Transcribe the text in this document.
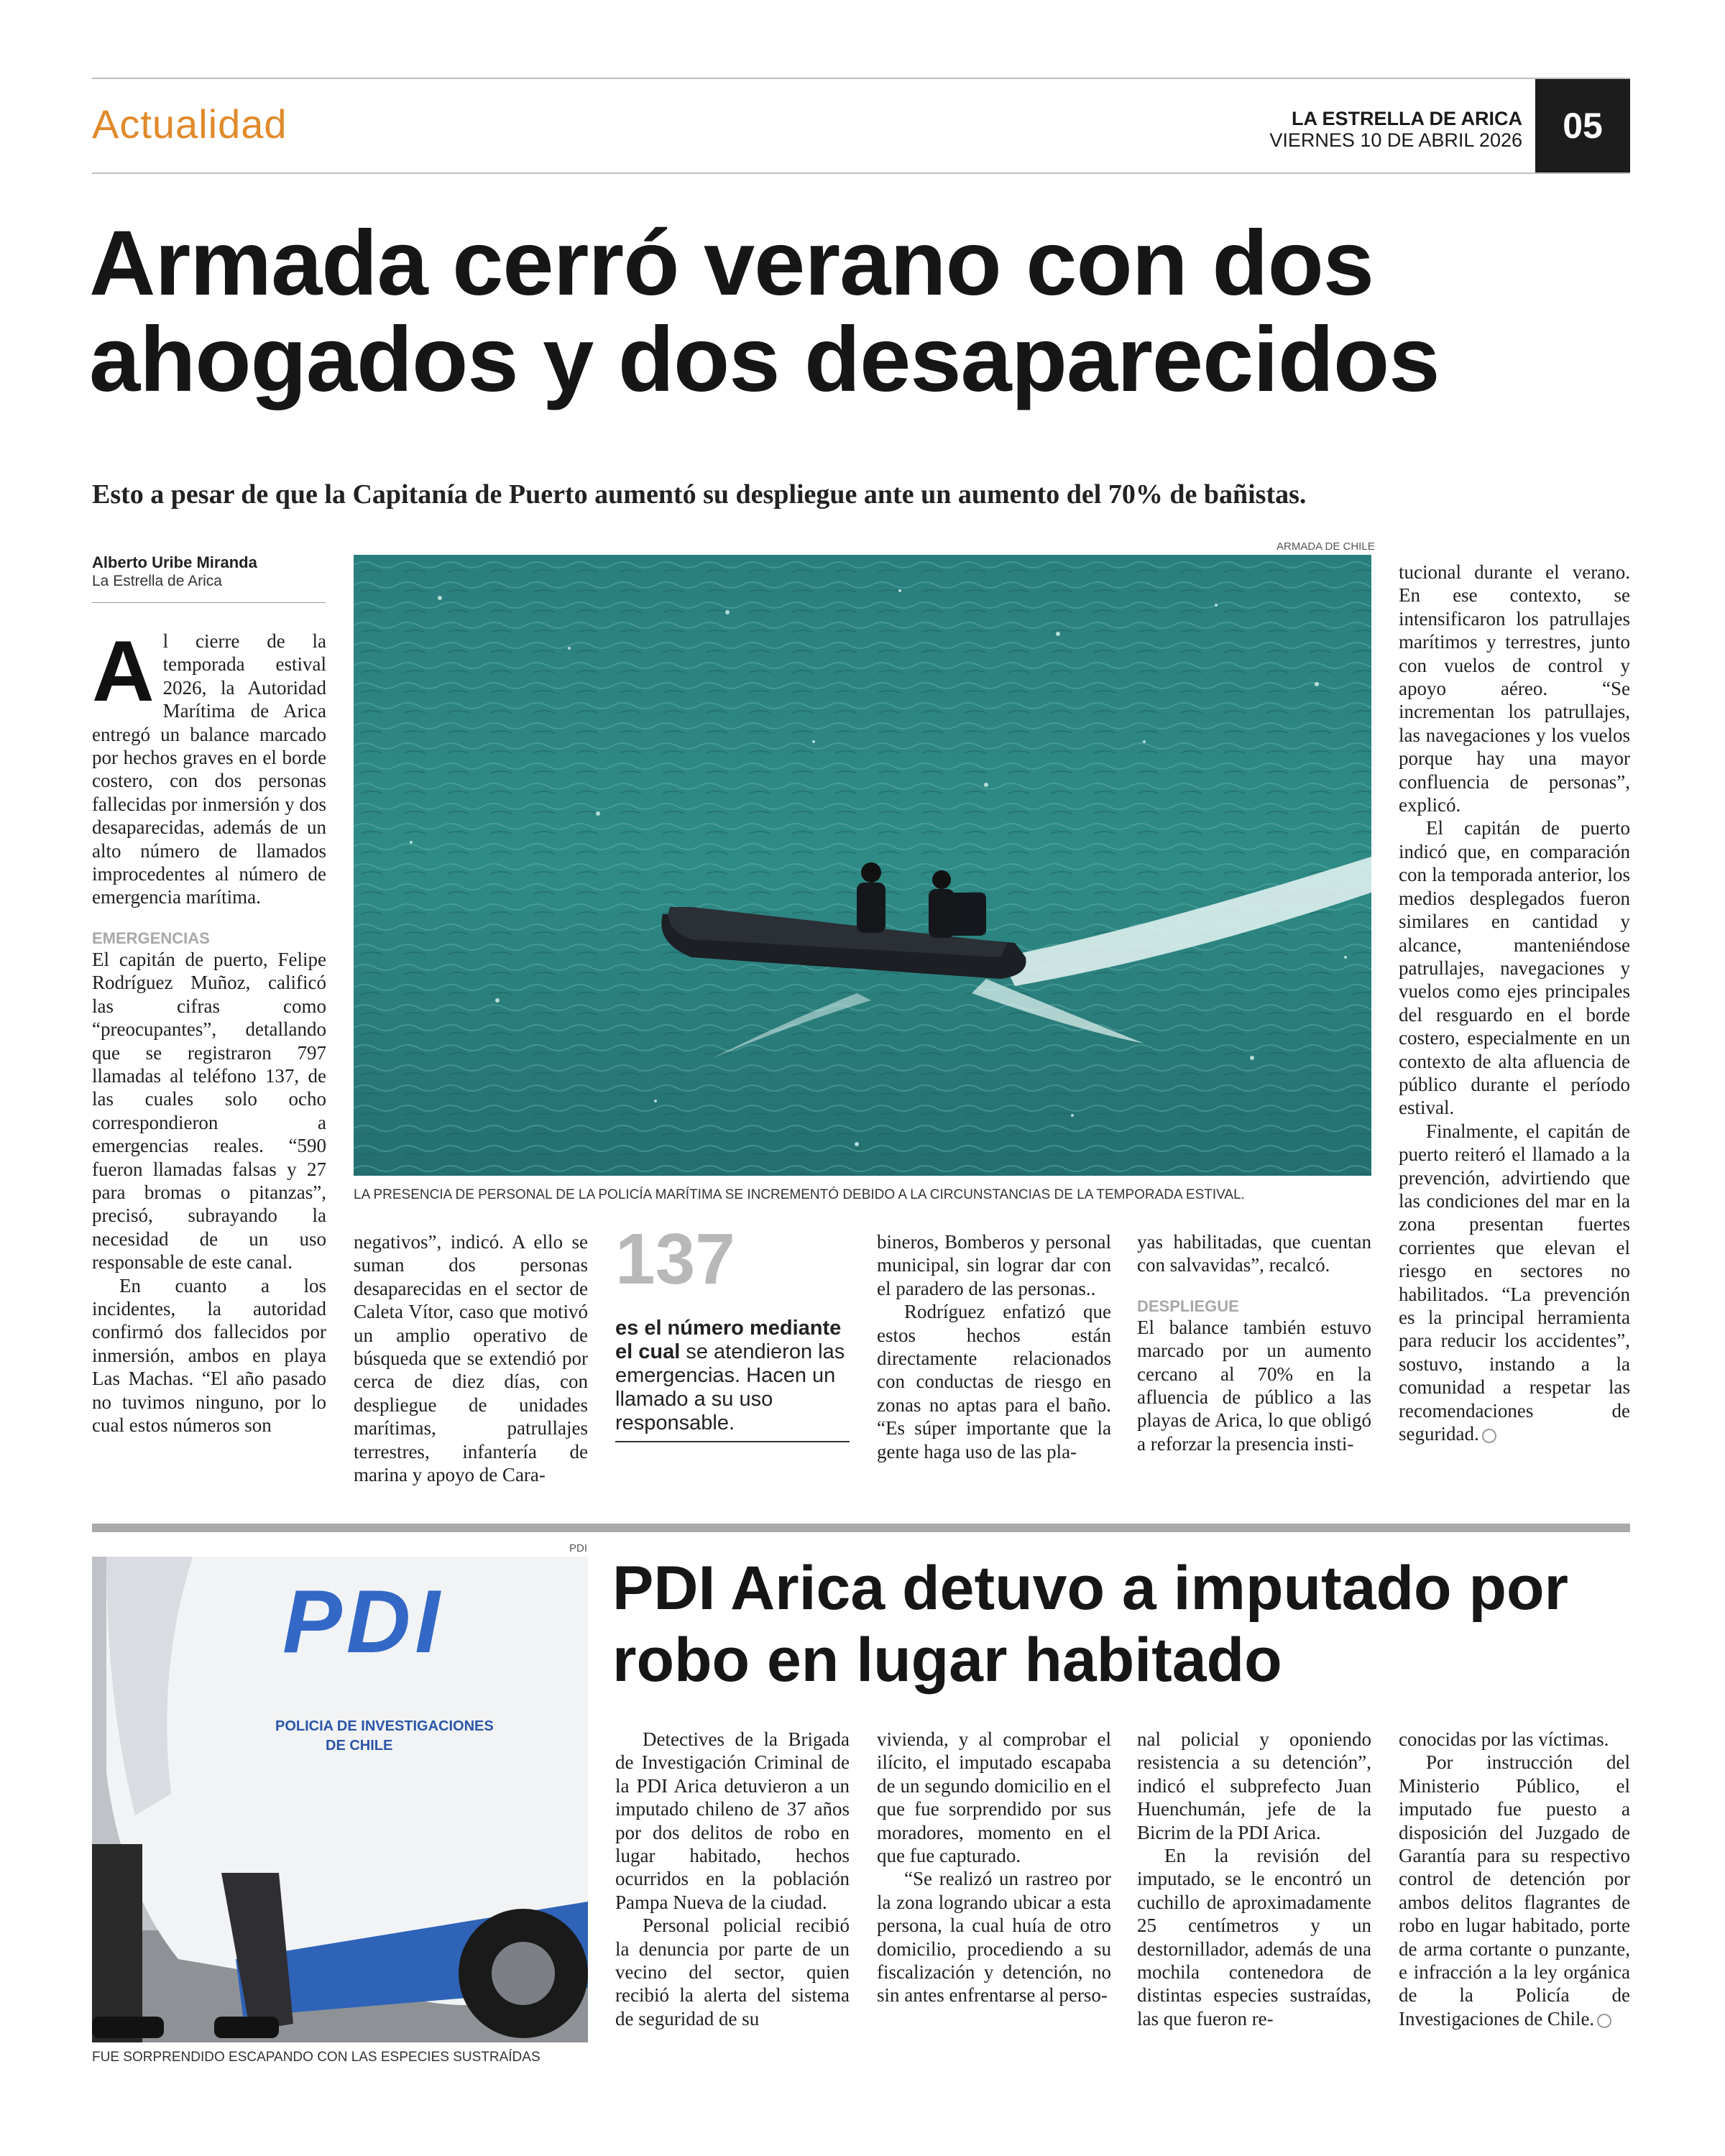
Actualidad	LA ESTRELLA DE ARICA
VIERNES 10 DE ABRIL 2026	05
Armada cerró verano con dos
ahogados y dos desaparecidos
Esto a pesar de que la Capitanía de Puerto aumentó su despliegue ante un aumento del 70% de bañistas.
Alberto Uribe Miranda
La Estrella de Arica
ARMADA DE CHILE
LA PRESENCIA DE PERSONAL DE LA POLICÍA MARÍTIMA SE INCREMENTÓ DEBIDO A LA CIRCUNSTANCIAS DE LA TEMPORADA ESTIVAL.
A l cierre de la temporada estival 2026, la Autoridad Marítima de Arica entregó un balance marcado por hechos graves en el borde costero, con dos personas fallecidas por inmersión y dos desaparecidas, además de un alto número de llamados improcedentes al número de emergencia marítima.

EMERGENCIAS

El capitán de puerto, Felipe Rodríguez Muñoz, calificó las cifras como “preocupantes”, detallando que se registraron 797 llamadas al teléfono 137, de las cuales solo ocho correspondieron a emergencias reales. “590 fueron llamadas falsas y 27 para bromas o pitanzas”, precisó, subrayando la necesidad de un uso responsable de este canal.

En cuanto a los incidentes, la autoridad confirmó dos fallecidos por inmersión, ambos en playa Las Machas. “El año pasado no tuvimos ninguno, por lo cual estos números son

negativos”, indicó. A ello se suman dos personas desaparecidas en el sector de Caleta Vítor, caso que motivó un amplio operativo de búsqueda que se extendió por cerca de diez días, con despliegue de unidades marítimas, patrullajes terrestres, infantería de marina y apoyo de Cara-

137
es el número mediante el cual se atendieron las emergencias. Hacen un llamado a su uso responsable.

bineros, Bomberos y personal municipal, sin lograr dar con el paradero de las personas..

Rodríguez enfatizó que estos hechos están directamente relacionados con conductas de riesgo en zonas no aptas para el baño. “Es súper importante que la gente haga uso de las pla-

yas habilitadas, que cuentan con salvavidas”, recalcó.

DESPLIEGUE

El balance también estuvo marcado por un aumento cercano al 70% en la afluencia de público a las playas de Arica, lo que obligó a reforzar la presencia insti-

tucional durante el verano. En ese contexto, se intensificaron los patrullajes marítimos y terrestres, junto con vuelos de control y apoyo aéreo. “Se incrementan los patrullajes, las navegaciones y los vuelos porque hay una mayor confluencia de personas”, explicó.

El capitán de puerto indicó que, en comparación con la temporada anterior, los medios desplegados fueron similares en cantidad y alcance, manteniéndose patrullajes, navegaciones y vuelos como ejes principales del resguardo en el borde costero, especialmente en un contexto de alta afluencia de público durante el período estival.

Finalmente, el capitán de puerto reiteró el llamado a la prevención, advirtiendo que las condiciones del mar en la zona presentan fuertes corrientes que elevan el riesgo en sectores no habilitados. “La prevención es la principal herramienta para reducir los accidentes”, sostuvo, instando a la comunidad a respetar las recomendaciones de seguridad.

PDI
PDI
POLICIA DE INVESTIGACIONES
DE CHILE
FUE SORPRENDIDO ESCAPANDO CON LAS ESPECIES SUSTRAÍDAS
PDI Arica detuvo a imputado por
robo en lugar habitado

Detectives de la Brigada de Investigación Criminal de la PDI Arica detuvieron a un imputado chileno de 37 años por dos delitos de robo en lugar habitado, hechos ocurridos en la población Pampa Nueva de la ciudad.

Personal policial recibió la denuncia por parte de un vecino del sector, quien recibió la alerta del sistema de seguridad de su

vivienda, y al comprobar el ilícito, el imputado escapaba de un segundo domicilio en el que fue sorprendido por sus moradores, momento en el que fue capturado.

“Se realizó un rastreo por la zona logrando ubicar a esta persona, la cual huía de otro domicilio, procediendo a su fiscalización y detención, no sin antes enfrentarse al perso-

nal policial y oponiendo resistencia a su detención”, indicó el subprefecto Juan Huenchumán, jefe de la Bicrim de la PDI Arica.

En la revisión del imputado, se le encontró un cuchillo de aproximadamente 25 centímetros y un destornillador, además de una mochila contenedora de distintas especies sustraídas, las que fueron re-

conocidas por las víctimas.

Por instrucción del Ministerio Público, el imputado fue puesto a disposición del Juzgado de Garantía para su respectivo control de detención por ambos delitos flagrantes de robo en lugar habitado, porte de arma cortante o punzante, e infracción a la ley orgánica de la Policía de Investigaciones de Chile.
